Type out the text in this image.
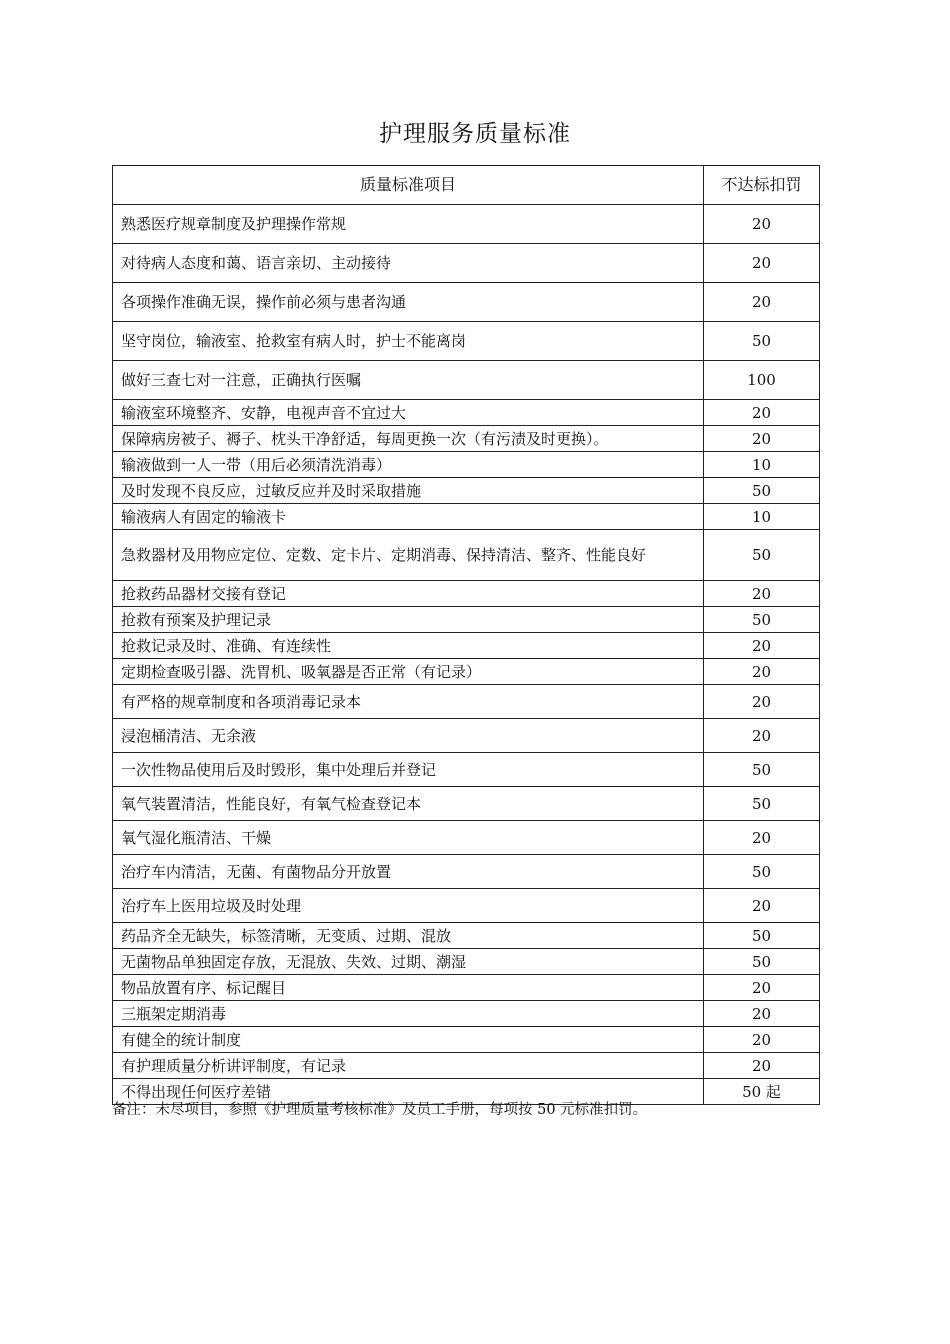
护理服务质量标准
质量标准项目	不达标扣罚
熟悉医疗规章制度及护理操作常规	20
对待病人态度和蔼、语言亲切、主动接待	20
各项操作准确无误，操作前必须与患者沟通	20
坚守岗位，输液室、抢救室有病人时，护士不能离岗	50
做好三查七对一注意，正确执行医嘱	100
输液室环境整齐、安静，电视声音不宜过大	20
保障病房被子、褥子、枕头干净舒适，每周更换一次（有污渍及时更换）。	20
输液做到一人一带（用后必须清洗消毒）	10
及时发现不良反应，过敏反应并及时采取措施	50
输液病人有固定的输液卡	10
急救器材及用物应定位、定数、定卡片、定期消毒、保持清洁、整齐、性能良好	50
抢救药品器材交接有登记	20
抢救有预案及护理记录	50
抢救记录及时、准确、有连续性	20
定期检查吸引器、洗胃机、吸氧器是否正常（有记录）	20
有严格的规章制度和各项消毒记录本	20
浸泡桶清洁、无余液	20
一次性物品使用后及时毁形，集中处理后并登记	50
氧气装置清洁，性能良好，有氧气检查登记本	50
氧气湿化瓶清洁、干燥	20
治疗车内清洁，无菌、有菌物品分开放置	50
治疗车上医用垃圾及时处理	20
药品齐全无缺失，标签清晰，无变质、过期、混放	50
无菌物品单独固定存放，无混放、失效、过期、潮湿	50
物品放置有序、标记醒目	20
三瓶架定期消毒	20
有健全的统计制度	20
有护理质量分析讲评制度，有记录	20
不得出现任何医疗差错	50 起
备注：未尽项目，参照《护理质量考核标准》及员工手册，每项按 50 元标准扣罚。
